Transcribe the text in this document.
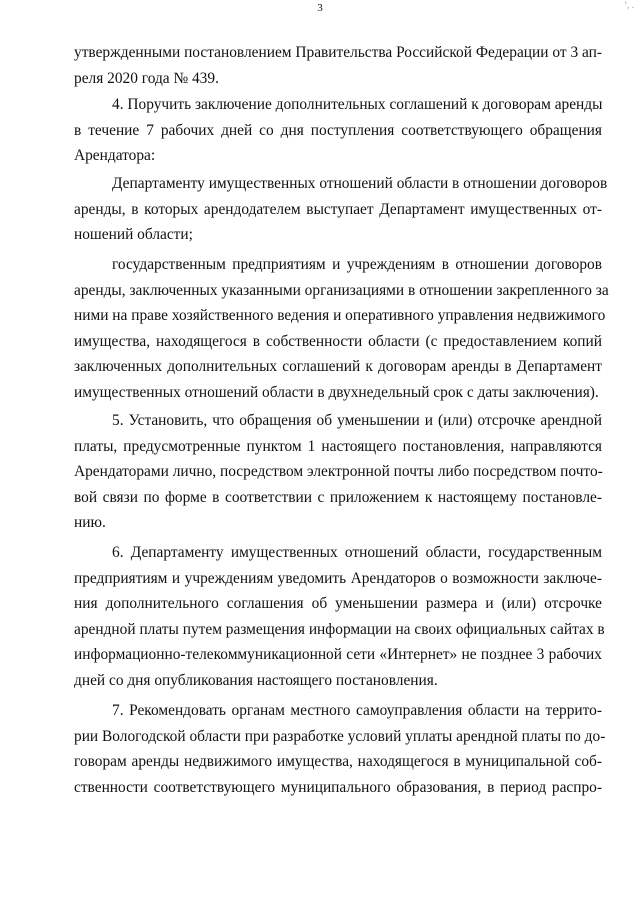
3	’, .
утвержденными постановлением Правительства Российской Федерации от 3 ап-
реля 2020 года № 439.
4. Поручить заключение дополнительных соглашений к договорам аренды
в течение 7 рабочих дней со дня поступления соответствующего обращения
Арендатора:
Департаменту имущественных отношений области в отношении договоров
аренды, в которых арендодателем выступает Департамент имущественных от-
ношений области;
государственным предприятиям и учреждениям в отношении договоров
аренды, заключенных указанными организациями в отношении закрепленного за
ними на праве хозяйственного ведения и оперативного управления недвижимого
имущества, находящегося в собственности области (с предоставлением копий
заключенных дополнительных соглашений к договорам аренды в Департамент
имущественных отношений области в двухнедельный срок с даты заключения).
5. Установить, что обращения об уменьшении и (или) отсрочке арендной
платы, предусмотренные пунктом 1 настоящего постановления, направляются
Арендаторами лично, посредством электронной почты либо посредством почто-
вой связи по форме в соответствии с приложением к настоящему постановле-
нию.
6. Департаменту имущественных отношений области, государственным
предприятиям и учреждениям уведомить Арендаторов о возможности заключе-
ния дополнительного соглашения об уменьшении размера и (или) отсрочке
арендной платы путем размещения информации на своих официальных сайтах в
информационно-телекоммуникационной сети «Интернет» не позднее 3 рабочих
дней со дня опубликования настоящего постановления.
7. Рекомендовать органам местного самоуправления области на террито-
рии Вологодской области при разработке условий уплаты арендной платы по до-
говорам аренды недвижимого имущества, находящегося в муниципальной соб-
ственности соответствующего муниципального образования, в период распро-
